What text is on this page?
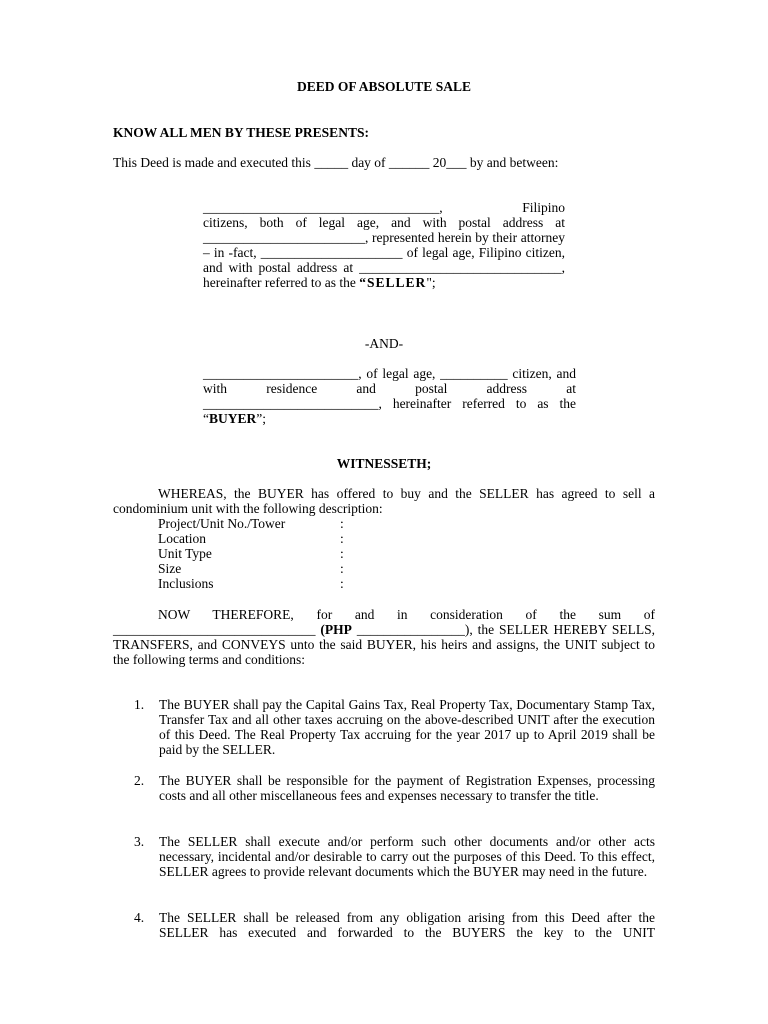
DEED OF ABSOLUTE SALE

KNOW ALL MEN BY THESE PRESENTS:

This Deed is made and executed this _____ day of ______ 20___ by and between:

___________________________________,	Filipino

citizens, both of legal age, and with postal address at ________________________, represented herein by their attorney – in -fact, _____________________ of legal age, Filipino citizen, and with postal address at ______________________________, hereinafter referred to as the “SELLER";

-AND-

_______________________, of legal age, __________ citizen, and with residence and postal address at __________________________, hereinafter referred to as the “BUYER”;

WITNESSETH;

WHEREAS, the BUYER has offered to buy and the SELLER has agreed to sell a condominium unit with the following description:

Project/Unit No./Tower	:
Location	:
Unit Type	:
Size	:
Inclusions	:
NOW THEREFORE, for and in consideration of the sum of

______________________________ (PHP ________________), the SELLER HEREBY SELLS, TRANSFERS, and CONVEYS unto the said BUYER, his heirs and assigns, the UNIT subject to the following terms and conditions:

1. The BUYER shall pay the Capital Gains Tax, Real Property Tax, Documentary Stamp Tax, Transfer Tax and all other taxes accruing on the above-described UNIT after the execution of this Deed. The Real Property Tax accruing for the year 2017 up to April 2019 shall be paid by the SELLER.

2. The BUYER shall be responsible for the payment of Registration Expenses, processing costs and all other miscellaneous fees and expenses necessary to transfer the title.

3. The SELLER shall execute and/or perform such other documents and/or other acts necessary, incidental and/or desirable to carry out the purposes of this Deed. To this effect, SELLER agrees to provide relevant documents which the BUYER may need in the future.

4. The SELLER shall be released from any obligation arising from this Deed after the SELLER has executed and forwarded to the BUYERS the key to the UNIT
